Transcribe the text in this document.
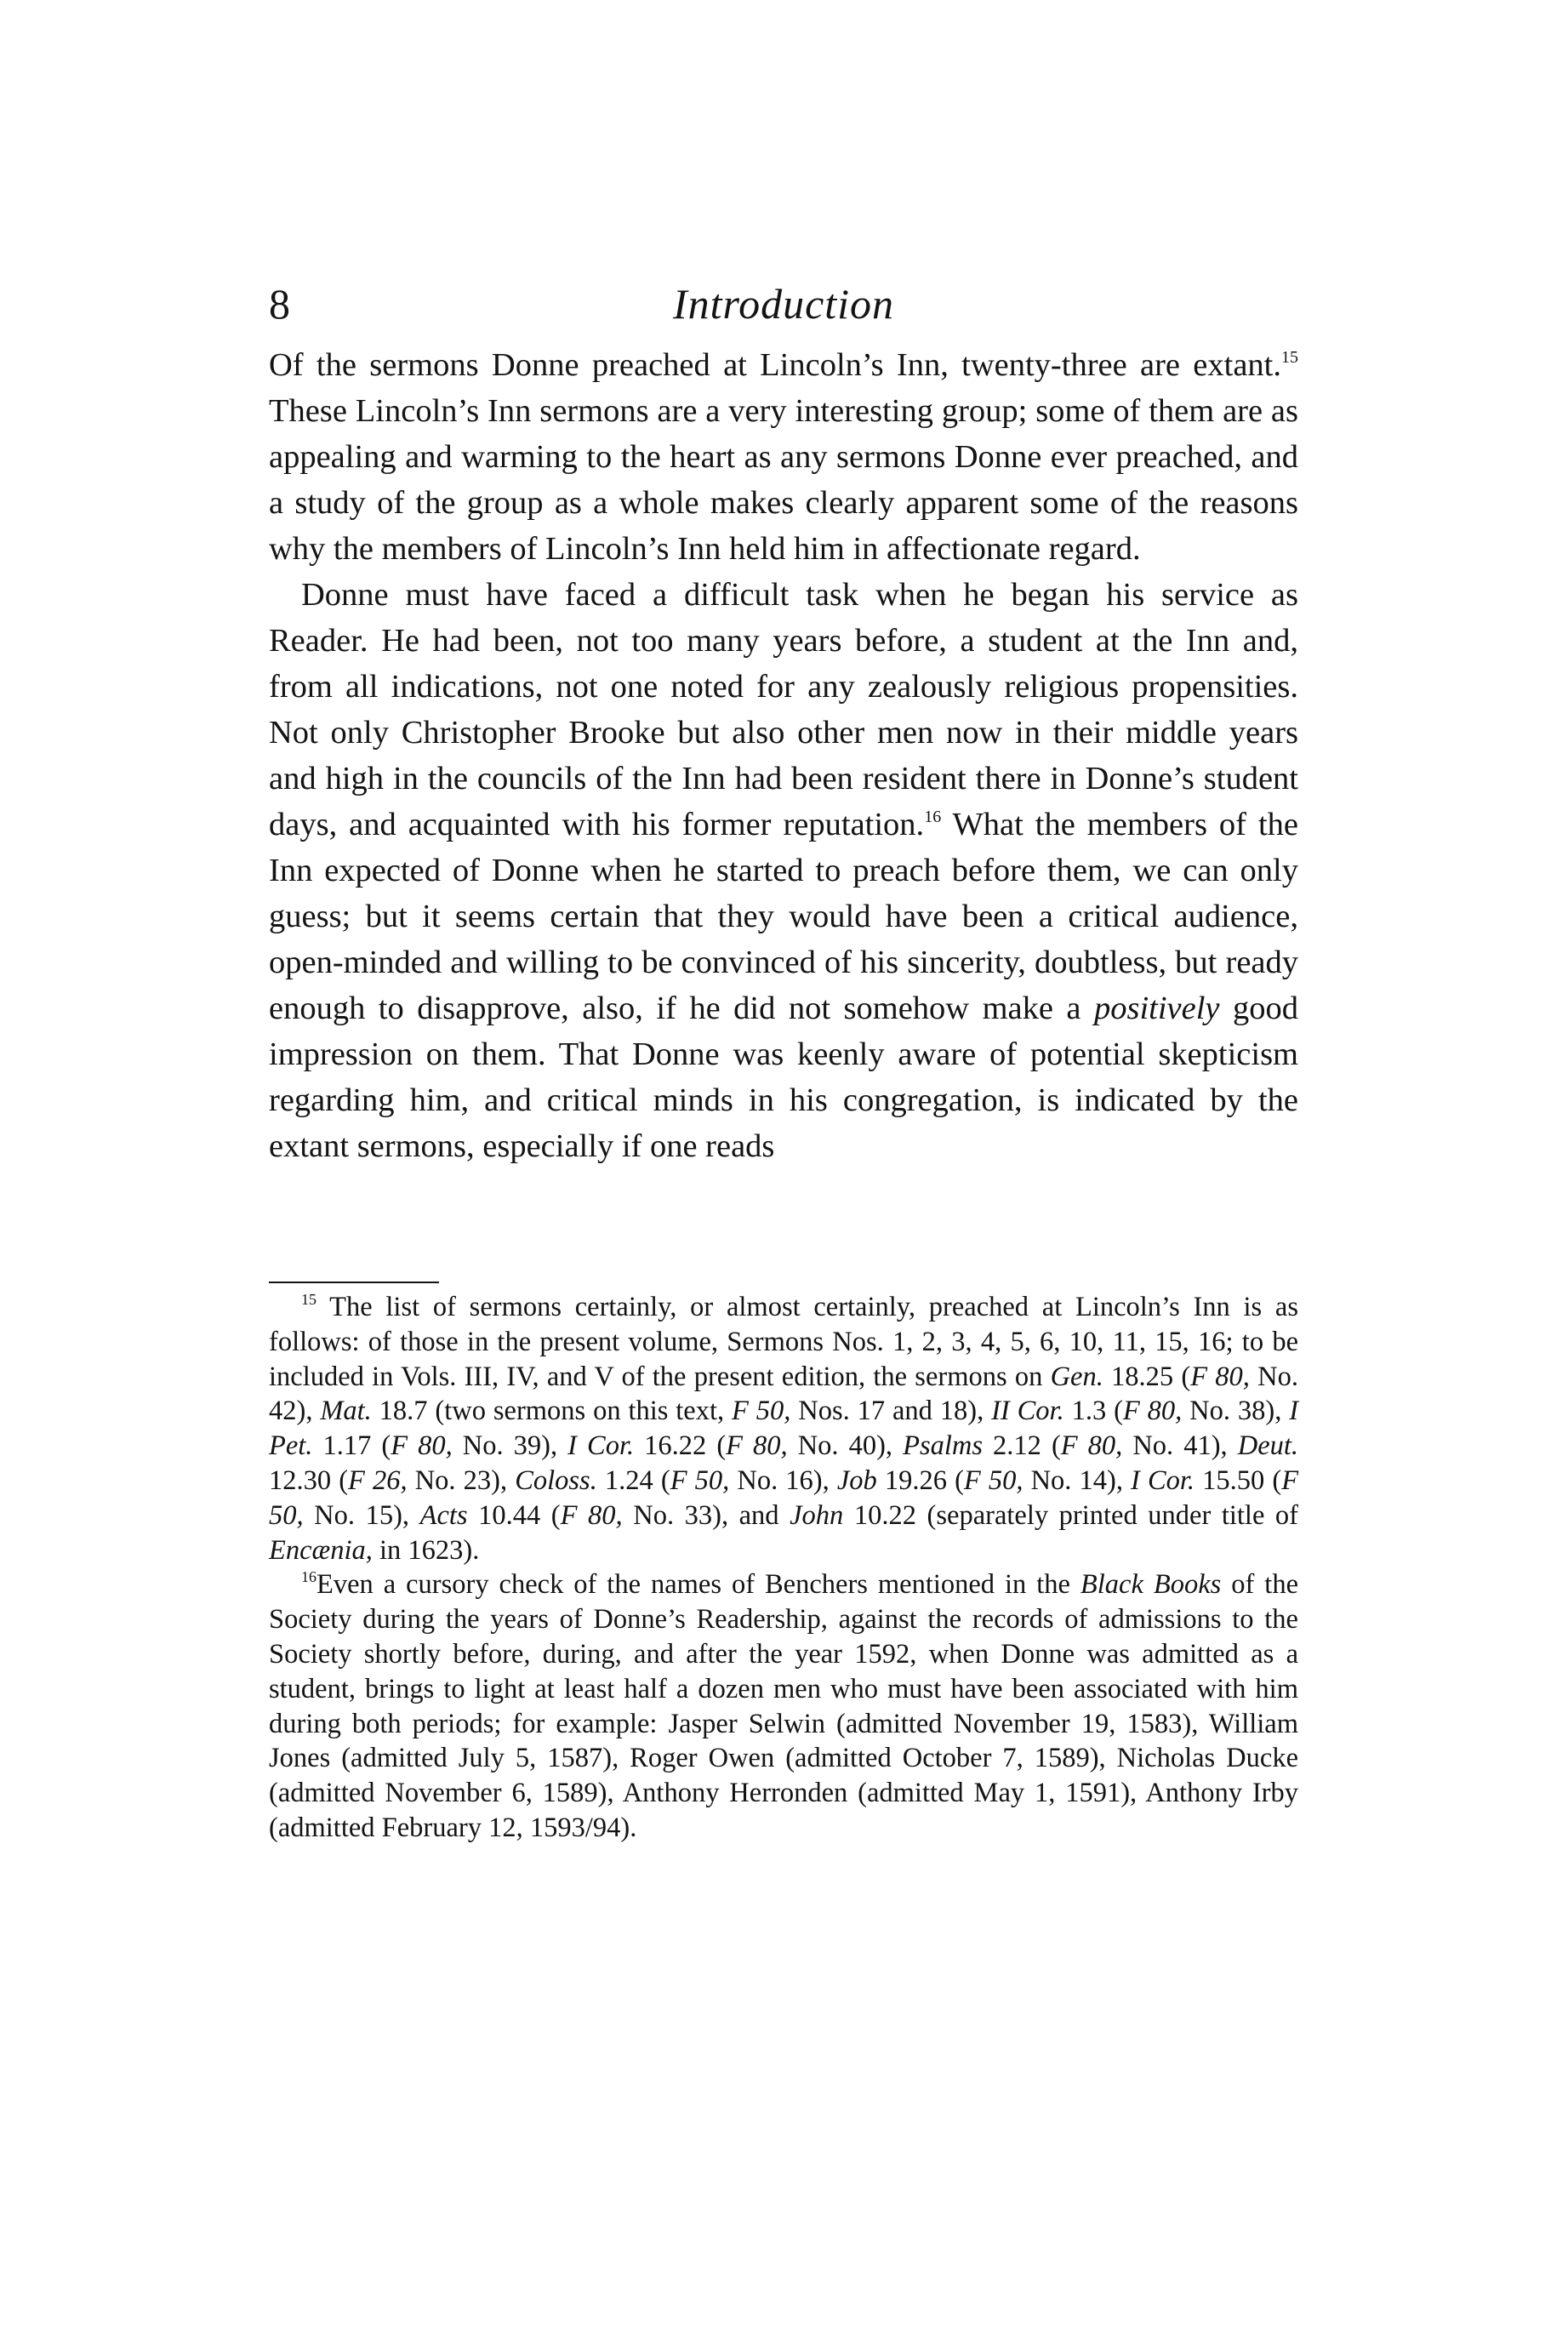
8	Introduction

Of the sermons Donne preached at Lincoln’s Inn, twenty-three are extant.$^{15}$ These Lincoln’s Inn sermons are a very interesting group; some of them are as appealing and warming to the heart as any sermons Donne ever preached, and a study of the group as a whole makes clearly apparent some of the reasons why the members of Lincoln’s Inn held him in affectionate regard.

Donne must have faced a difficult task when he began his service as Reader. He had been, not too many years before, a student at the Inn and, from all indications, not one noted for any zealously religious propensities. Not only Christopher Brooke but also other men now in their middle years and high in the councils of the Inn had been resident there in Donne’s student days, and acquainted with his former reputation.$^{16}$ What the members of the Inn expected of Donne when he started to preach before them, we can only guess; but it seems certain that they would have been a critical audience, open-minded and willing to be convinced of his sincerity, doubtless, but ready enough to disapprove, also, if he did not somehow make a positively good impression on them. That Donne was keenly aware of potential skepticism regarding him, and critical minds in his congregation, is indicated by the extant sermons, especially if one reads

$^{15}$ The list of sermons certainly, or almost certainly, preached at Lincoln’s Inn is as follows: of those in the present volume, Sermons Nos. 1, 2, 3, 4, 5, 6, 10, 11, 15, 16; to be included in Vols. III, IV, and V of the present edition, the sermons on Gen. 18.25 (F 80, No. 42), Mat. 18.7 (two sermons on this text, F 50, Nos. 17 and 18), II Cor. 1.3 (F 80, No. 38), I Pet. 1.17 (F 80, No. 39), I Cor. 16.22 (F 80, No. 40), Psalms 2.12 (F 80, No. 41), Deut. 12.30 (F 26, No. 23), Coloss. 1.24 (F 50, No. 16), Job 19.26 (F 50, No. 14), I Cor. 15.50 (F 50, No. 15), Acts 10.44 (F 80, No. 33), and John 10.22 (separately printed under title of Encænia, in 1623).

$^{16}$Even a cursory check of the names of Benchers mentioned in the Black Books of the Society during the years of Donne’s Readership, against the records of admissions to the Society shortly before, during, and after the year 1592, when Donne was admitted as a student, brings to light at least half a dozen men who must have been associated with him during both periods; for example: Jasper Selwin (admitted November 19, 1583), William Jones (admitted July 5, 1587), Roger Owen (admitted October 7, 1589), Nicholas Ducke (admitted November 6, 1589), Anthony Herronden (admitted May 1, 1591), Anthony Irby (admitted February 12, 1593/94).
